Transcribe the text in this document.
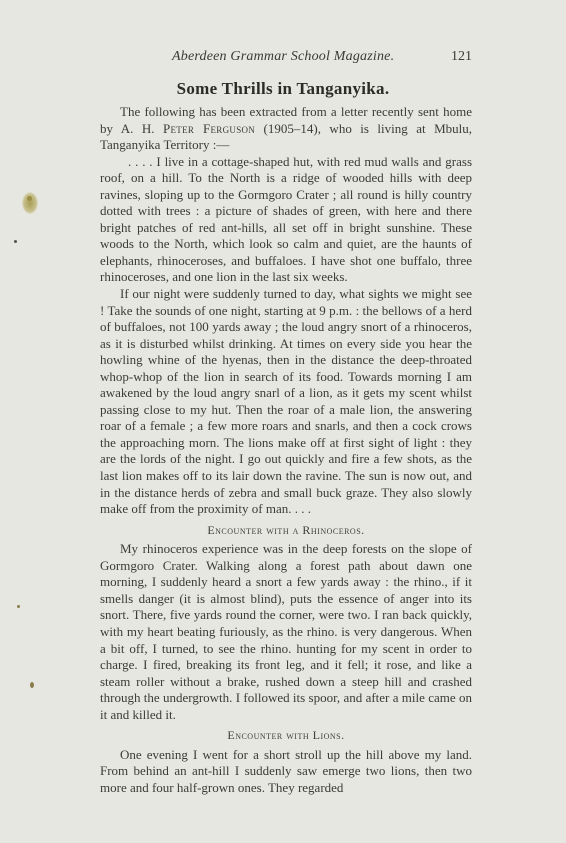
Aberdeen Grammar School Magazine.	121
Some Thrills in Tanganyika.

The following has been extracted from a letter recently sent home by A. H. Peter Ferguson (1905–14), who is living at Mbulu, Tanganyika Territory :—

. . . . I live in a cottage-shaped hut, with red mud walls and grass roof, on a hill. To the North is a ridge of wooded hills with deep ravines, sloping up to the Gormgoro Crater ; all round is hilly country dotted with trees : a picture of shades of green, with here and there bright patches of red ant-hills, all set off in bright sunshine. These woods to the North, which look so calm and quiet, are the haunts of elephants, rhinoceroses, and buffaloes. I have shot one buffalo, three rhinoceroses, and one lion in the last six weeks.

If our night were suddenly turned to day, what sights we might see ! Take the sounds of one night, starting at 9 p.m. : the bellows of a herd of buffaloes, not 100 yards away ; the loud angry snort of a rhinoceros, as it is disturbed whilst drinking. At times on every side you hear the howling whine of the hyenas, then in the distance the deep-throated whop-whop of the lion in search of its food. Towards morning I am awakened by the loud angry snarl of a lion, as it gets my scent whilst passing close to my hut. Then the roar of a male lion, the answering roar of a female ; a few more roars and snarls, and then a cock crows the approaching morn. The lions make off at first sight of light : they are the lords of the night. I go out quickly and fire a few shots, as the last lion makes off to its lair down the ravine. The sun is now out, and in the distance herds of zebra and small buck graze. They also slowly make off from the proximity of man. . . .

Encounter with a Rhinoceros.

My rhinoceros experience was in the deep forests on the slope of Gormgoro Crater. Walking along a forest path about dawn one morning, I suddenly heard a snort a few yards away : the rhino., if it smells danger (it is almost blind), puts the essence of anger into its snort. There, five yards round the corner, were two. I ran back quickly, with my heart beating furiously, as the rhino. is very dangerous. When a bit off, I turned, to see the rhino. hunting for my scent in order to charge. I fired, breaking its front leg, and it fell; it rose, and like a steam roller without a brake, rushed down a steep hill and crashed through the undergrowth. I followed its spoor, and after a mile came on it and killed it.

Encounter with Lions.

One evening I went for a short stroll up the hill above my land. From behind an ant-hill I suddenly saw emerge two lions, then two more and four half-grown ones. They regarded
